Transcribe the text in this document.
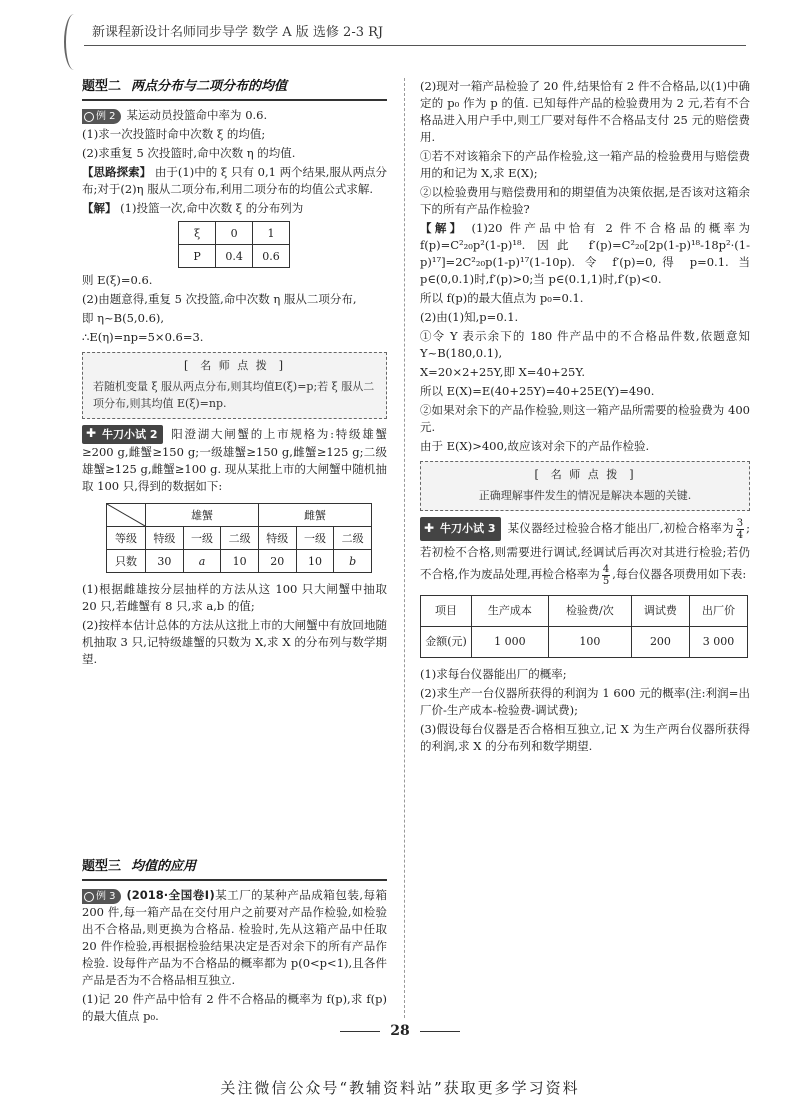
新课程新设计名师同步导学 数学 A 版 选修 2-3 RJ
题型二 两点分布与二项分布的均值

例 2 某运动员投篮命中率为 0.6.

(1)求一次投篮时命中次数 ξ 的均值;

(2)求重复 5 次投篮时,命中次数 η 的均值.

【思路探索】 由于(1)中的 ξ 只有 0,1 两个结果,服从两点分布;对于(2)η 服从二项分布,利用二项分布的均值公式求解.

【解】 (1)投篮一次,命中次数 ξ 的分布列为

ξ	0	1
P	0.4	0.6

则 E(ξ)=0.6.

(2)由题意得,重复 5 次投篮,命中次数 η 服从二项分布,

即 η~B(5,0.6),

∴E(η)=np=5×0.6=3.

[ 名 师 点 拨 ]
若随机变量 ξ 服从两点分布,则其均值E(ξ)=p;若 ξ 服从二项分布,则其均值 E(ξ)=np.

✚ 牛刀小试 2 阳澄湖大闸蟹的上市规格为:特级雄蟹≥200 g,雌蟹≥150 g;一级雄蟹≥150 g,雌蟹≥125 g;二级雄蟹≥125 g,雌蟹≥100 g. 现从某批上市的大闸蟹中随机抽取 100 只,得到的数据如下:

	雄蟹			雌蟹		
等级	特级	一级	二级	特级	一级	二级
只数	30	a	10	20	10	b

(1)根据雌雄按分层抽样的方法从这 100 只大闸蟹中抽取 20 只,若雌蟹有 8 只,求 a,b 的值;

(2)按样本估计总体的方法从这批上市的大闸蟹中有放回地随机抽取 3 只,记特级雄蟹的只数为 X,求 X 的分布列与数学期望.

题型三 均值的应用

例 3 (2018·全国卷Ⅰ)某工厂的某种产品成箱包装,每箱 200 件,每一箱产品在交付用户之前要对产品作检验,如检验出不合格品,则更换为合格品. 检验时,先从这箱产品中任取 20 件作检验,再根据检验结果决定是否对余下的所有产品作检验. 设每件产品为不合格品的概率都为 p(0<p<1),且各件产品是否为不合格品相互独立.

(1)记 20 件产品中恰有 2 件不合格品的概率为 f(p),求 f(p)的最大值点 p₀.

(2)现对一箱产品检验了 20 件,结果恰有 2 件不合格品,以(1)中确定的 p₀ 作为 p 的值. 已知每件产品的检验费用为 2 元,若有不合格品进入用户手中,则工厂要对每件不合格品支付 25 元的赔偿费用.

①若不对该箱余下的产品作检验,这一箱产品的检验费用与赔偿费用的和记为 X,求 E(X);

②以检验费用与赔偿费用和的期望值为决策依据,是否该对这箱余下的所有产品作检验?

【解】 (1)20 件产品中恰有 2 件不合格品的概率为 f(p)=C²₂₀p²(1-p)¹⁸. 因此 f′(p)=C²₂₀[2p(1-p)¹⁸-18p²·(1-p)¹⁷]=2C²₂₀p(1-p)¹⁷(1-10p). 令 f′(p)=0,得 p=0.1. 当 p∈(0,0.1)时,f′(p)>0;当 p∈(0.1,1)时,f′(p)<0.

所以 f(p)的最大值点为 p₀=0.1.

(2)由(1)知,p=0.1.

①令 Y 表示余下的 180 件产品中的不合格品件数,依题意知 Y~B(180,0.1),

X=20×2+25Y,即 X=40+25Y.

所以 E(X)=E(40+25Y)=40+25E(Y)=490.

②如果对余下的产品作检验,则这一箱产品所需要的检验费为 400 元.

由于 E(X)>400,故应该对余下的产品作检验.

[ 名 师 点 拨 ]
正确理解事件发生的情况是解决本题的关键.

✚ 牛刀小试 3 某仪器经过检验合格才能出厂,初检合格率为 $\frac{3}{4}$ ;若初检不合格,则需要进行调试,经调试后再次对其进行检验;若仍不合格,作为废品处理,再检合格率为 $\frac{4}{5}$ ,每台仪器各项费用如下表:

项目	生产成本	检验费/次	调试费	出厂价
金额(元)	1 000	100	200	3 000

(1)求每台仪器能出厂的概率;

(2)求生产一台仪器所获得的利润为 1 600 元的概率(注:利润=出厂价-生产成本-检验费-调试费);

(3)假设每台仪器是否合格相互独立,记 X 为生产两台仪器所获得的利润,求 X 的分布列和数学期望.

28
关注微信公众号“教辅资料站”获取更多学习资料
